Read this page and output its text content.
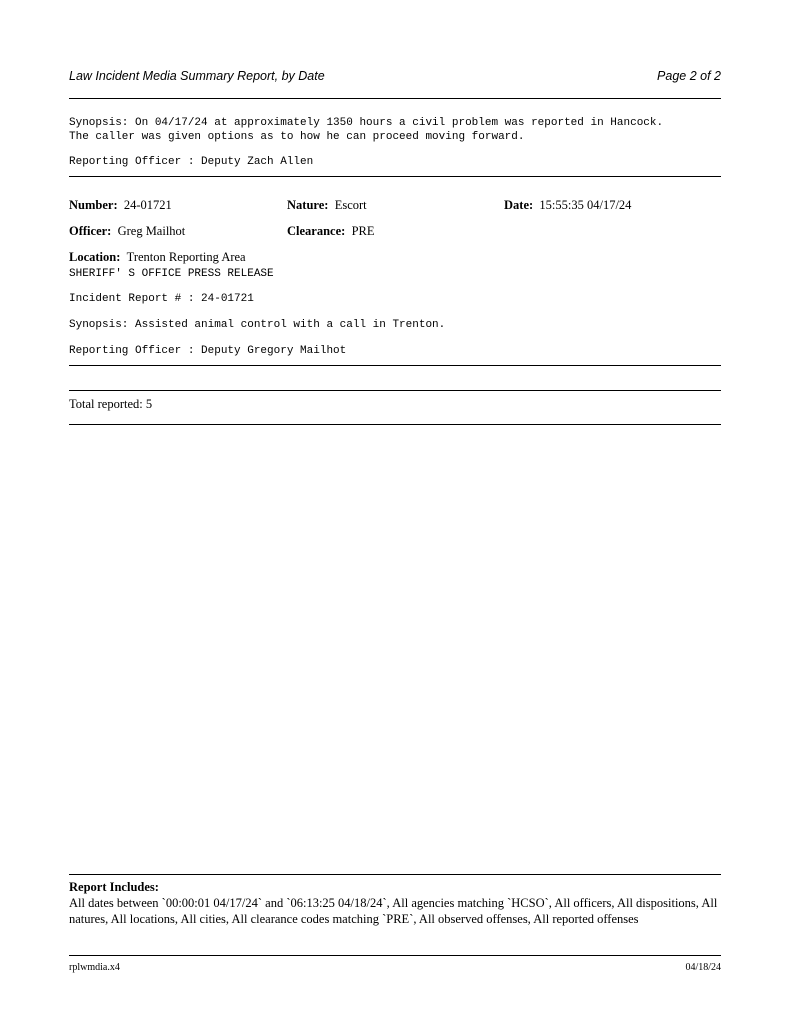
Law Incident Media Summary Report, by Date	Page 2 of 2
Synopsis: On 04/17/24 at approximately 1350 hours a civil problem was reported in Hancock.
The caller was given options as to how he can proceed moving forward.
Reporting Officer : Deputy Zach Allen
Number: 24-01721	Nature: Escort	Date: 15:55:35 04/17/24
Officer: Greg Mailhot	Clearance: PRE
Location: Trenton Reporting Area
SHERIFF' S OFFICE PRESS RELEASE
Incident Report # : 24-01721
Synopsis: Assisted animal control with a call in Trenton.
Reporting Officer : Deputy Gregory Mailhot
Total reported: 5
Report Includes:
All dates between `00:00:01 04/17/24` and `06:13:25 04/18/24`, All agencies matching `HCSO`, All officers, All dispositions, All natures, All locations, All cities, All clearance codes matching `PRE`, All observed offenses, All reported offenses
rplwmdia.x4	04/18/24
